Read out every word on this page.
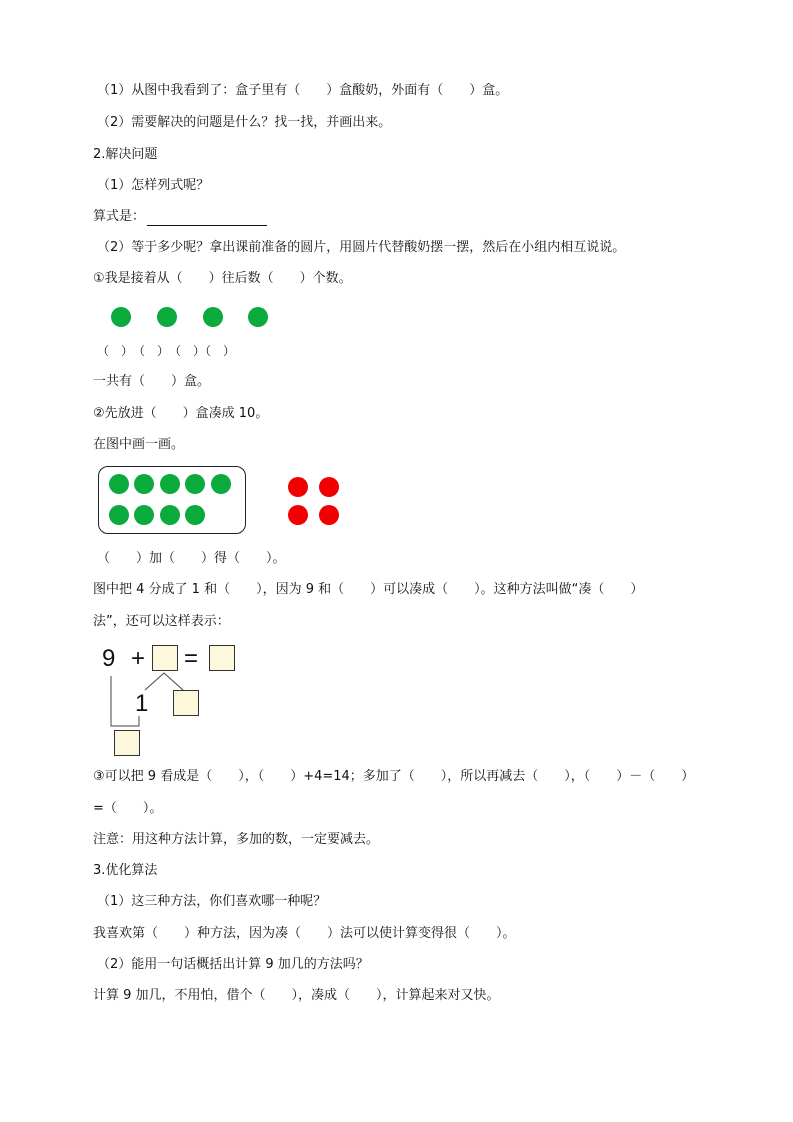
（1）从图中我看到了：盒子里有（　　）盒酸奶，外面有（　　）盒。
（2）需要解决的问题是什么？找一找，并画出来。
2.解决问题
（1）怎样列式呢？
算式是：
（2）等于多少呢？拿出课前准备的圆片，用圆片代替酸奶摆一摆，然后在小组内相互说说。
①我是接着从（　　）往后数（　　）个数。
（　）　（　）　（　）（　）
一共有（　　）盒。
②先放进（　　）盒凑成 10。
在图中画一画。
（　　）加（　　）得（　　）。
图中把 4 分成了 1 和（　　），因为 9 和（　　）可以凑成（　　）。这种方法叫做“凑（　　）
法”，还可以这样表示：
9 + =
1
③可以把 9 看成是（　　），（　　）+4=14；多加了（　　），所以再减去（　　），（　　）－（　　）
=（　　）。
注意：用这种方法计算，多加的数，一定要减去。
3.优化算法
（1）这三种方法，你们喜欢哪一种呢？
我喜欢第（　　）种方法，因为凑（　　）法可以使计算变得很（　　）。
（2）能用一句话概括出计算 9 加几的方法吗？
计算 9 加几，不用怕，借个（　　），凑成（　　），计算起来对又快。
